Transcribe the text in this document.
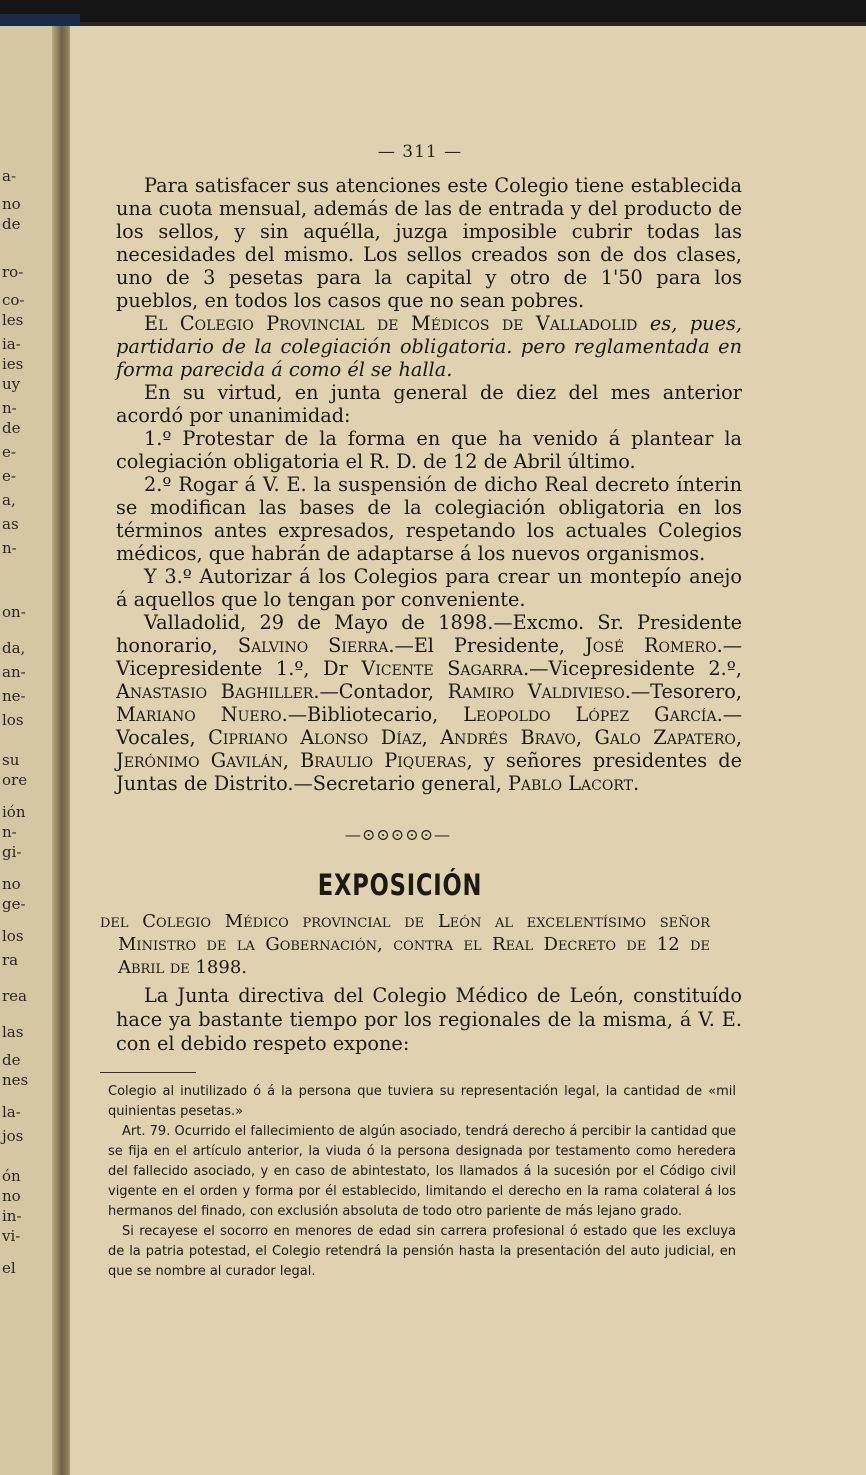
a-
no
de
ro-
co-
les
ia-
ies
uy
n-
de
e-
e-
a,
as
n-
on-
da,
an-
ne-
los
su
ore
ión
n-
gi-
no
ge-
los
ra
rea
las
de
nes
la-
jos
ón
no
in-
vi-
el
— 311 —

Para satisfacer sus atenciones este Colegio tiene establecida una cuota mensual, además de las de entrada y del producto de los sellos, y sin aquélla, juzga imposible cubrir todas las necesidades del mismo. Los sellos creados son de dos clases, uno de 3 pesetas para la capital y otro de 1'50 para los pueblos, en todos los casos que no sean pobres.

El Colegio Provincial de Médicos de Valladolid es, pues, partidario de la colegiación obligatoria. pero reglamentada en forma parecida á como él se halla.

En su virtud, en junta general de diez del mes anterior acordó por unanimidad:

1.º Protestar de la forma en que ha venido á plantear la colegiación obligatoria el R. D. de 12 de Abril último.

2.º Rogar á V. E. la suspensión de dicho Real decreto ínterin se modifican las bases de la colegiación obligatoria en los términos antes expresados, respetando los actuales Colegios médicos, que habrán de adaptarse á los nuevos organismos.

Y 3.º Autorizar á los Colegios para crear un montepío anejo á aquellos que lo tengan por conveniente.

Valladolid, 29 de Mayo de 1898.—Excmo. Sr. Presidente honorario, Salvino Sierra.—El Presidente, José Romero.—Vicepresidente 1.º, Dr Vicente Sagarra.—Vicepresidente 2.º, Anastasio Baghiller.—Contador, Ramiro Valdivieso.—Tesorero, Mariano Nuero.—Bibliotecario, Leopoldo López García.—Vocales, Cipriano Alonso Díaz, Andrés Bravo, Galo Zapatero, Jerónimo Gavilán, Braulio Piqueras, y señores presidentes de Juntas de Distrito.—Secretario general, Pablo Lacort.

—⊙⊙⊙⊙⊙—
EXPOSICIÓN

del Colegio Médico provincial de León al excelentísimo señor Ministro de la Gobernación, contra el Real Decreto de 12 de Abril de 1898.

La Junta directiva del Colegio Médico de León, constituído hace ya bastante tiempo por los regionales de la misma, á V. E. con el debido respeto expone:

Colegio al inutilizado ó á la persona que tuviera su representación legal, la cantidad de «mil quinientas pesetas.»

Art. 79. Ocurrido el fallecimiento de algún asociado, tendrá derecho á percibir la cantidad que se fija en el artículo anterior, la viuda ó la persona designada por testamento como heredera del fallecido asociado, y en caso de abintestato, los llamados á la sucesión por el Código civil vigente en el orden y forma por él establecido, limitando el derecho en la rama colateral á los hermanos del finado, con exclusión absoluta de todo otro pariente de más lejano grado.

Si recayese el socorro en menores de edad sin carrera profesional ó estado que les excluya de la patria potestad, el Colegio retendrá la pensión hasta la presentación del auto judicial, en que se nombre al curador legal.
